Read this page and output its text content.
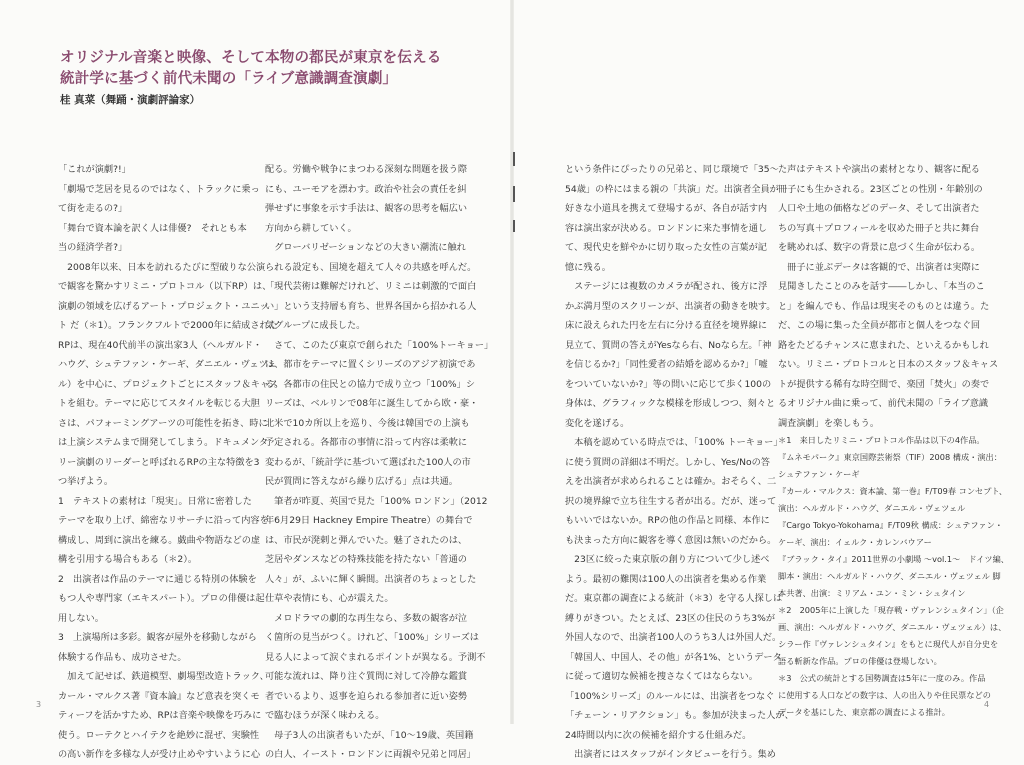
オリジナル音楽と映像、そして本物の都民が東京を伝える
統計学に基づく前代未聞の「ライブ意識調査演劇」
桂 真菜（舞踊・演劇評論家）

「これが演劇?!」

「劇場で芝居を見るのではなく、トラックに乗っ

て街を走るの?」

「舞台で資本論を訳く人は俳優?　それとも本

当の経済学者?」

　2008年以来、日本を訪れるたびに型破りな公演

で観客を驚かすリミニ・プロトコル（以下RP）は、

演劇の領域を広げるアート・プロジェクト・ユニッ

ト だ（＊1）。フランクフルトで2000年に結成された

RPは、現在40代前半の演出家3人（ヘルガルド・

ハウグ、シュテファン・ケーギ、ダニエル・ヴェツェ

ル）を中心に、プロジェクトごとにスタッフ＆キャス

トを組む。テーマに応じてスタイルを転じる大胆

さは、パフォーミングアーツの可能性を拓き、時に

は上演システムまで開発してしまう。ドキュメンタ

リー演劇のリーダーと呼ばれるRPの主な特徴を3

つ挙げよう。

1　テキストの素材は「現実」。日常に密着した

テーマを取り上げ、綿密なリサーチに沿って内容を

構成し、周到に演出を練る。戯曲や物語などの虚

構を引用する場合もある（＊2）。

2　出演者は作品のテーマに通じる特別の体験を

もつ人や専門家（エキスパート）。プロの俳優は起

用しない。

3　上演場所は多彩。観客が屋外を移動しながら

体験する作品も、成功させた。

　加えて記せば、鉄道模型、劇場型改造トラック、

カール・マルクス著『資本論』など意表を突くモ

ティーフを活かすため、RPは音楽や映像を巧みに

使う。ローテクとハイテクを絶妙に混ぜ、実験性

の高い新作を多様な人が受け止めやすいように心

配る。労働や戦争にまつわる深刻な問題を扱う際

にも、ユーモアを漂わす。政治や社会の責任を糾

弾せずに事象を示す手法は、観客の思考を幅広い

方向から耕していく。

　グローバリゼーションなどの大きい潮流に触れ

られる設定も、国境を超えて人々の共感を呼んだ。

「現代芸術は難解だけれど、リミニは刺激的で面白

い」という支持層も育ち、世界各国から招かれる人

気グループに成長した。

　さて、このたび東京で創られた「100%トーキョー」

は、都市をテーマに置くシリーズのアジア初演であ

る。各都市の住民との協力で成り立つ「100%」シ

リーズは、ベルリンで08年に誕生してから欧・豪・

北米で10カ所以上を巡り、今後は韓国での上演も

予定される。各都市の事情に沿って内容は柔軟に

変わるが、「統計学に基づいて選ばれた100人の市

民が質問に答えながら繰り広げる」点は共通。

　筆者が昨夏、英国で見た「100% ロンドン」（2012

年6月29日 Hackney Empire Theatre）の舞台で

は、市民が溌剌と弾んでいた。魅了されたのは、

芝居やダンスなどの特殊技能を持たない「普通の

人々」が、ふいに輝く瞬間。出演者のちょっとした

仕草や表情にも、心が震えた。

　メロドラマの劇的な再生なら、多数の観客が泣

く箇所の見当がつく。けれど、「100%」シリーズは

見る人によって涙ぐまれるポイントが異なる。予測不

可能な流れは、降り注ぐ質問に対して冷静な鑑賞

者でいるより、返事を迫られる参加者に近い姿勢

で臨むほうが深く味わえる。

　母子3人の出演者もいたが、「10～19歳、英国籍

の白人、イースト・ロンドンに両親や兄弟と同居」

という条件にぴったりの兄弟と、同じ環境で「35～

54歳」の枠にはまる親の「共演」だ。出演者全員が

好きな小道具を携えて登場するが、各自が話す内

容は演出家が決める。ロンドンに来た事情を通し

て、現代史を鮮やかに切り取った女性の言葉が記

憶に残る。

　ステージには複数のカメラが配され、後方に浮

かぶ満月型のスクリーンが、出演者の動きを映す。

床に設えられた円を左右に分ける直径を境界線に

見立て、質問の答えがYesなら右、Noなら左。「神

を信じるか?」「同性愛者の結婚を認めるか?」「嘘

をついていないか?」等の問いに応じて歩く100の

身体は、グラフィックな模様を形成しつつ、刻々と

変化を遂げる。

　本稿を認めている時点では、「100% トーキョー」

に使う質問の詳細は不明だ。しかし、Yes/Noの答

えを出演者が求められることは確か。おそらく、二

択の境界線で立ち往生する者が出る。だが、迷って

もいいではないか。RPの他の作品と同様、本作に

も決まった方向に観客を導く意図は無いのだから。

　23区に絞った東京版の創り方について少し述べ

よう。最初の難関は100人の出演者を集める作業

だ。東京都の調査による統計（＊3）を守る人探しは

縛りがきつい。たとえば、23区の住民のうち3%が

外国人なので、出演者100人のうち3人は外国人だ。

「韓国人、中国人、その他」が各1%、というデータ

に従って適切な候補を捜さなくてはならない。

「100%シリーズ」のルールには、出演者をつなぐ

「チェーン・リアクション」も。参加が決まった人が、

24時間以内に次の候補を紹介する仕組みだ。

　出演者にはスタッフがインタビューを行う。集め

た声はテキストや演出の素材となり、観客に配る

冊子にも生かされる。23区ごとの性別・年齢別の

人口や土地の価格などのデータ、そして出演者た

ちの写真＋プロフィールを収めた冊子と共に舞台

を眺めれば、数字の背景に息づく生命が伝わる。

　冊子に並ぶデータは客観的で、出演者は実際に

見聞きしたことのみを話す――しかし、「本当のこ

と」を編んでも、作品は現実そのものとは違う。た

だ、この場に集った全員が都市と個人をつなぐ回

路をたどるチャンスに恵まれた、といえるかもしれ

ない。リミニ・プロトコルと日本のスタッフ＆キャス

トが提供する稀有な時空間で、楽団「焚火」の奏で

るオリジナル曲に乗って、前代未聞の「ライブ意識

調査演劇」を楽しもう。

＊1　来日したリミニ・プロトコル作品は以下の4作品。

『ムネモパーク』東京国際芸術祭（TIF）2008 構成・演出：

シュテファン・ケーギ

『カール・マルクス：資本論、第一巻』F/T09春 コンセプト、

演出：ヘルガルド・ハウグ、ダニエル・ヴェツェル

『Cargo Tokyo-Yokohama』F/T09秋 構成：シュテファン・

ケーギ、演出：イェルク・カレンバウアー

『ブラック・タイ』2011世界の小劇場 ～vol.1～　ドイツ編、

脚本・演出：ヘルガルド・ハウグ、ダニエル・ヴェツェル 脚

本共著、出演：ミリアム・ユン・ミン・シュタイン

＊2　2005年に上演した「現存戦・ヴァレンシュタイン」（企

画、演出：ヘルガルド・ハウグ、ダニエル・ヴェツェル）は、

シラー作『ヴァレンシュタイン』をもとに現代人が自分史を

語る斬新な作品。プロの俳優は登場しない。

＊3　公式の統計とする国勢調査は5年に一度のみ。作品

に使用する人口などの数字は、人の出入りや住民票などの

データを基にした、東京都の調査による推計。

3	4
